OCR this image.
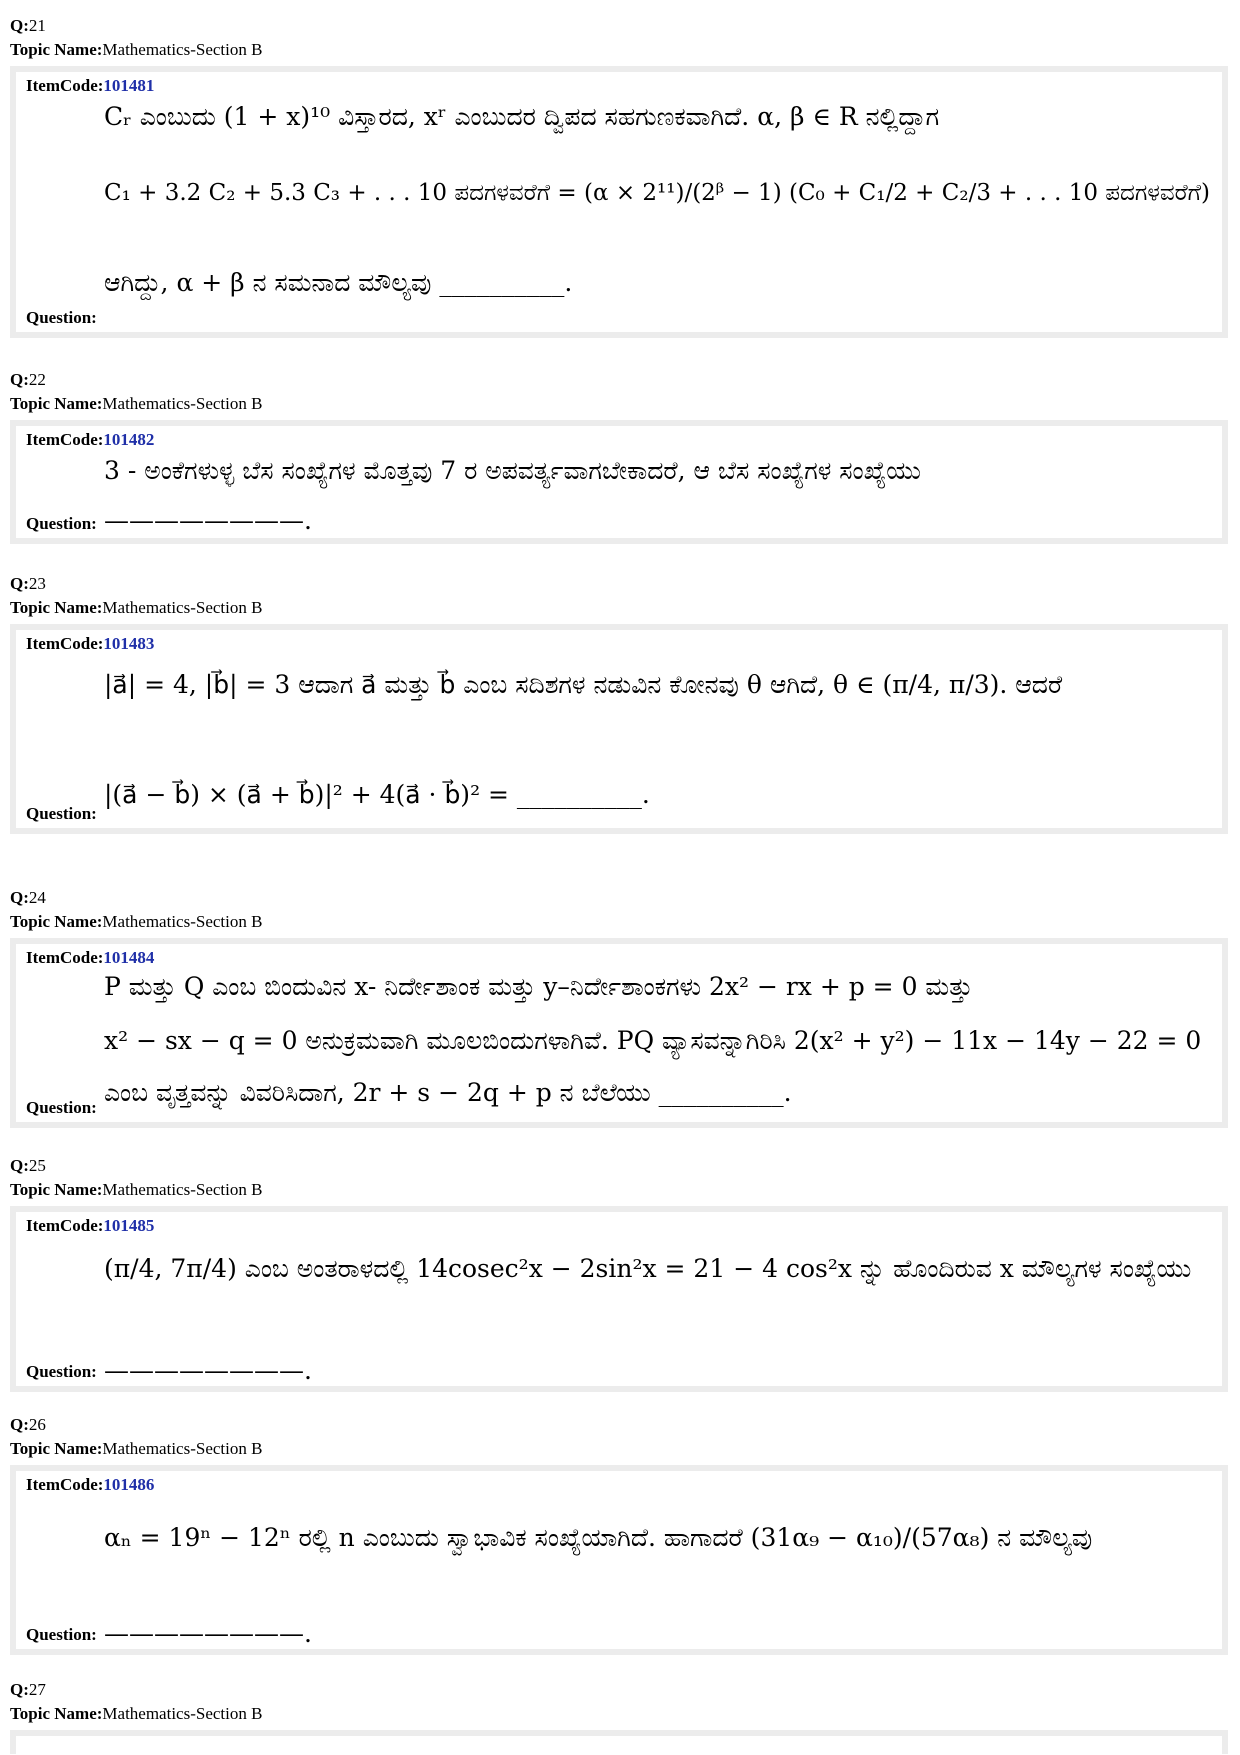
Q:21
Topic Name:Mathematics-Section B
ItemCode:101481
Cᵣ ಎಂಬುದು (1 + x)¹⁰ ವಿಸ್ತಾರದ, xʳ ಎಂಬುದರ ದ್ವಿಪದ ಸಹಗುಣಕವಾಗಿದೆ. α, β ∈ R ನಲ್ಲಿದ್ದಾಗ
C₁ + 3.2 C₂ + 5.3 C₃ + . . . 10 ಪದಗಳವರೆಗೆ = (α × 2¹¹)/(2ᵝ − 1) (C₀ + C₁/2 + C₂/3 + . . . 10 ಪದಗಳವರೆಗೆ)
ಆಗಿದ್ದು, α + β ನ ಸಮನಾದ ಮೌಲ್ಯವು __________.
Question:
Q:22
Topic Name:Mathematics-Section B
ItemCode:101482
3 - ಅಂಕೆಗಳುಳ್ಳ ಬೆಸ ಸಂಖ್ಯೆಗಳ ಮೊತ್ತವು 7 ರ ಅಪವರ್ತ್ಯವಾಗಬೇಕಾದರೆ, ಆ ಬೆಸ ಸಂಖ್ಯೆಗಳ ಸಂಖ್ಯೆಯು
————————.
Question:
Q:23
Topic Name:Mathematics-Section B
ItemCode:101483
|a⃗| = 4, |b⃗| = 3 ಆದಾಗ a⃗ ಮತ್ತು b⃗ ಎಂಬ ಸದಿಶಗಳ ನಡುವಿನ ಕೋನವು θ ಆಗಿದೆ, θ ∈ (π/4, π/3). ಆದರೆ
|(a⃗ − b⃗) × (a⃗ + b⃗)|² + 4(a⃗ · b⃗)² = __________.
Question:
Q:24
Topic Name:Mathematics-Section B
ItemCode:101484
P ಮತ್ತು Q ಎಂಬ ಬಿಂದುವಿನ x- ನಿರ್ದೇಶಾಂಕ ಮತ್ತು y–ನಿರ್ದೇಶಾಂಕಗಳು 2x² − rx + p = 0 ಮತ್ತು
x² − sx − q = 0 ಅನುಕ್ರಮವಾಗಿ ಮೂಲಬಿಂದುಗಳಾಗಿವೆ. PQ ವ್ಯಾಸವನ್ನಾಗಿರಿಸಿ 2(x² + y²) − 11x − 14y − 22 = 0
ಎಂಬ ವೃತ್ತವನ್ನು ವಿವರಿಸಿದಾಗ, 2r + s − 2q + p ನ ಬೆಲೆಯು __________.
Question:
Q:25
Topic Name:Mathematics-Section B
ItemCode:101485
(π/4, 7π/4) ಎಂಬ ಅಂತರಾಳದಲ್ಲಿ 14cosec²x − 2sin²x = 21 − 4 cos²x ನ್ನು ಹೊಂದಿರುವ x ಮೌಲ್ಯಗಳ ಸಂಖ್ಯೆಯು
————————.
Question:
Q:26
Topic Name:Mathematics-Section B
ItemCode:101486
αₙ = 19ⁿ − 12ⁿ ರಲ್ಲಿ n ಎಂಬುದು ಸ್ವಾಭಾವಿಕ ಸಂಖ್ಯೆಯಾಗಿದೆ. ಹಾಗಾದರೆ (31α₉ − α₁₀)/(57α₈) ನ ಮೌಲ್ಯವು
————————.
Question:
Q:27
Topic Name:Mathematics-Section B
